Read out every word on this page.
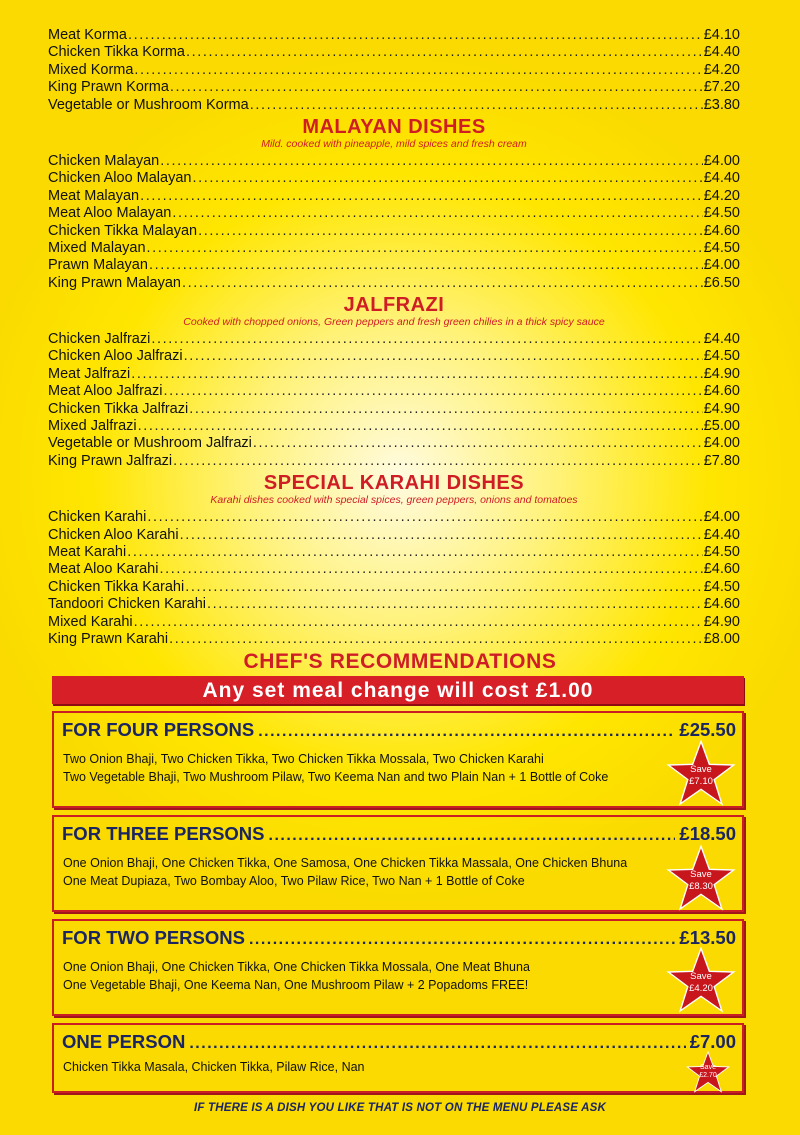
Meat Korma .....	£4.10
Chicken Tikka Korma .....	£4.40
Mixed Korma .....	£4.20
King Prawn Korma .....	£7.20
Vegetable or Mushroom Korma .....	£3.80
MALAYAN DISHES
Mild. cooked with pineapple, mild spices and fresh cream
Chicken Malayan .....	£4.00
Chicken Aloo Malayan .....	£4.40
Meat Malayan .....	£4.20
Meat Aloo Malayan .....	£4.50
Chicken Tikka Malayan .....	£4.60
Mixed Malayan .....	£4.50
Prawn Malayan .....	£4.00
King Prawn Malayan .....	£6.50
JALFRAZI
Cooked with chopped onions, Green peppers and fresh green chilies in a thick spicy sauce
Chicken Jalfrazi .....	£4.40
Chicken Aloo Jalfrazi .....	£4.50
Meat Jalfrazi .....	£4.90
Meat Aloo Jalfrazi .....	£4.60
Chicken Tikka Jalfrazi .....	£4.90
Mixed Jalfrazi .....	£5.00
Vegetable or Mushroom Jalfrazi .....	£4.00
King Prawn Jalfrazi .....	£7.80
SPECIAL KARAHI DISHES
Karahi dishes cooked with special spices, green peppers, onions and tomatoes
Chicken Karahi .....	£4.00
Chicken Aloo Karahi .....	£4.40
Meat Karahi .....	£4.50
Meat Aloo Karahi .....	£4.60
Chicken Tikka Karahi .....	£4.50
Tandoori Chicken Karahi .....	£4.60
Mixed Karahi .....	£4.90
King Prawn Karahi .....	£8.00
CHEF'S RECOMMENDATIONS
Any set meal change will cost £1.00
FOR FOUR PERSONS .....	£25.50
Two Onion Bhaji, Two Chicken Tikka, Two Chicken Tikka Mossala, Two Chicken Karahi
Two Vegetable Bhaji, Two Mushroom Pilaw, Two Keema Nan and two Plain Nan + 1 Bottle of Coke	Save
£7.10
FOR THREE PERSONS .....	£18.50
One Onion Bhaji, One Chicken Tikka, One Samosa, One Chicken Tikka Massala, One Chicken Bhuna
One Meat Dupiaza, Two Bombay Aloo, Two Pilaw Rice, Two Nan + 1 Bottle of Coke	Save
£8.30
FOR TWO PERSONS .....	£13.50
One Onion Bhaji, One Chicken Tikka, One Chicken Tikka Mossala, One Meat Bhuna
One Vegetable Bhaji, One Keema Nan, One Mushroom Pilaw + 2 Popadoms FREE!
Save
£4.20
ONE PERSON .....	£7.00
Chicken Tikka Masala, Chicken Tikka, Pilaw Rice, Nan	Save
£2.70
IF THERE IS A DISH YOU LIKE THAT IS NOT ON THE MENU PLEASE ASK
